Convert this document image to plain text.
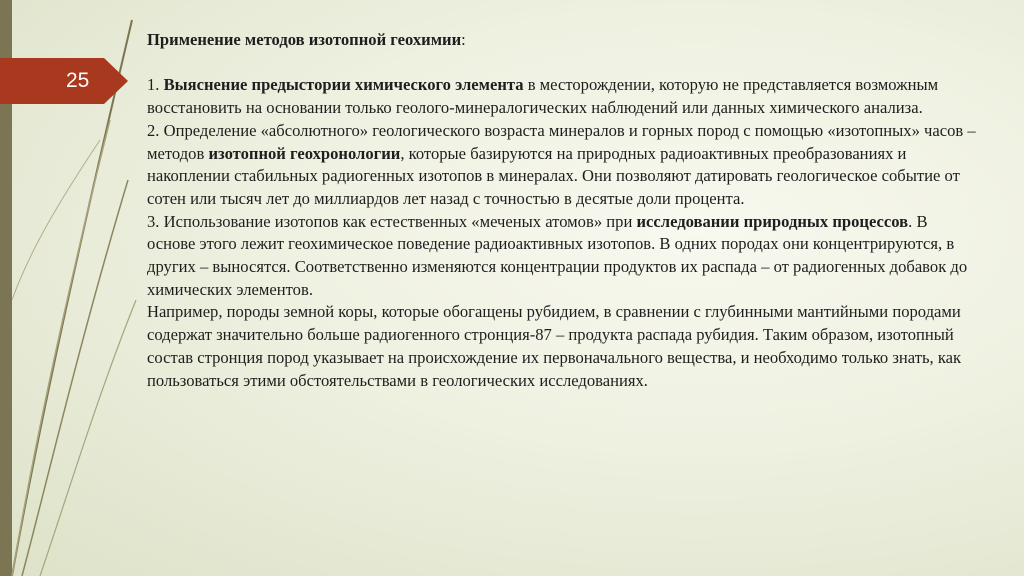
25

Применение методов изотопной геохимии:

1. Выяснение предыстории химического элемента в месторождении, которую не представляется возможным восстановить на основании только геолого-минералогических наблюдений или данных химического анализа.

2. Определение «абсолютного» геологического возраста минералов и горных пород с помощью «изотопных» часов – методов изотопной геохронологии, которые базируются на природных радиоактивных преобразованиях и накоплении стабильных радиогенных изотопов в минералах. Они позволяют датировать геологическое событие от сотен или тысяч лет до миллиардов лет назад с точностью в десятые доли процента.

3. Использование изотопов как естественных «меченых атомов» при исследовании природных процессов. В основе этого лежит геохимическое поведение радиоактивных изотопов. В одних породах они концентрируются, в других – выносятся. Соответственно изменяются концентрации продуктов их распада – от радиогенных добавок до химических элементов.

Например, породы земной коры, которые обогащены рубидием, в сравнении с глубинными мантийными породами содержат значительно больше радиогенного стронция-87 – продукта распада рубидия. Таким образом, изотопный состав стронция пород указывает на происхождение их первоначального вещества, и необходимо только знать, как пользоваться этими обстоятельствами в геологических исследованиях.
